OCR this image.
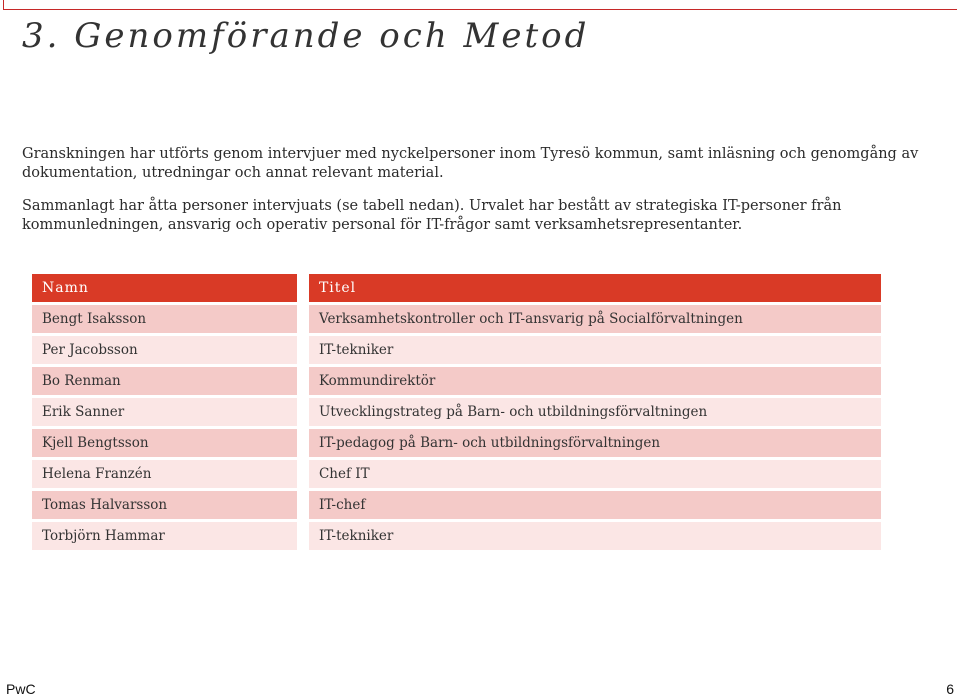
3. Genomförande och Metod

Granskningen har utförts genom intervjuer med nyckelpersoner inom Tyresö kommun, samt inläsning och genomgång av dokumentation, utredningar och annat relevant material.

Sammanlagt har åtta personer intervjuats (se tabell nedan). Urvalet har bestått av strategiska IT-personer från kommunledningen, ansvarig och operativ personal för IT-frågor samt verksamhetsrepresentanter.

Namn		Titel
Bengt Isaksson		Verksamhetskontroller och IT-ansvarig på Socialförvaltningen
Per Jacobsson		IT-tekniker
Bo Renman		Kommundirektör
Erik Sanner		Utvecklingstrateg på Barn- och utbildningsförvaltningen
Kjell Bengtsson		IT-pedagog på Barn- och utbildningsförvaltningen
Helena Franzén		Chef IT
Tomas Halvarsson		IT-chef
Torbjörn Hammar		IT-tekniker
PwC	6
